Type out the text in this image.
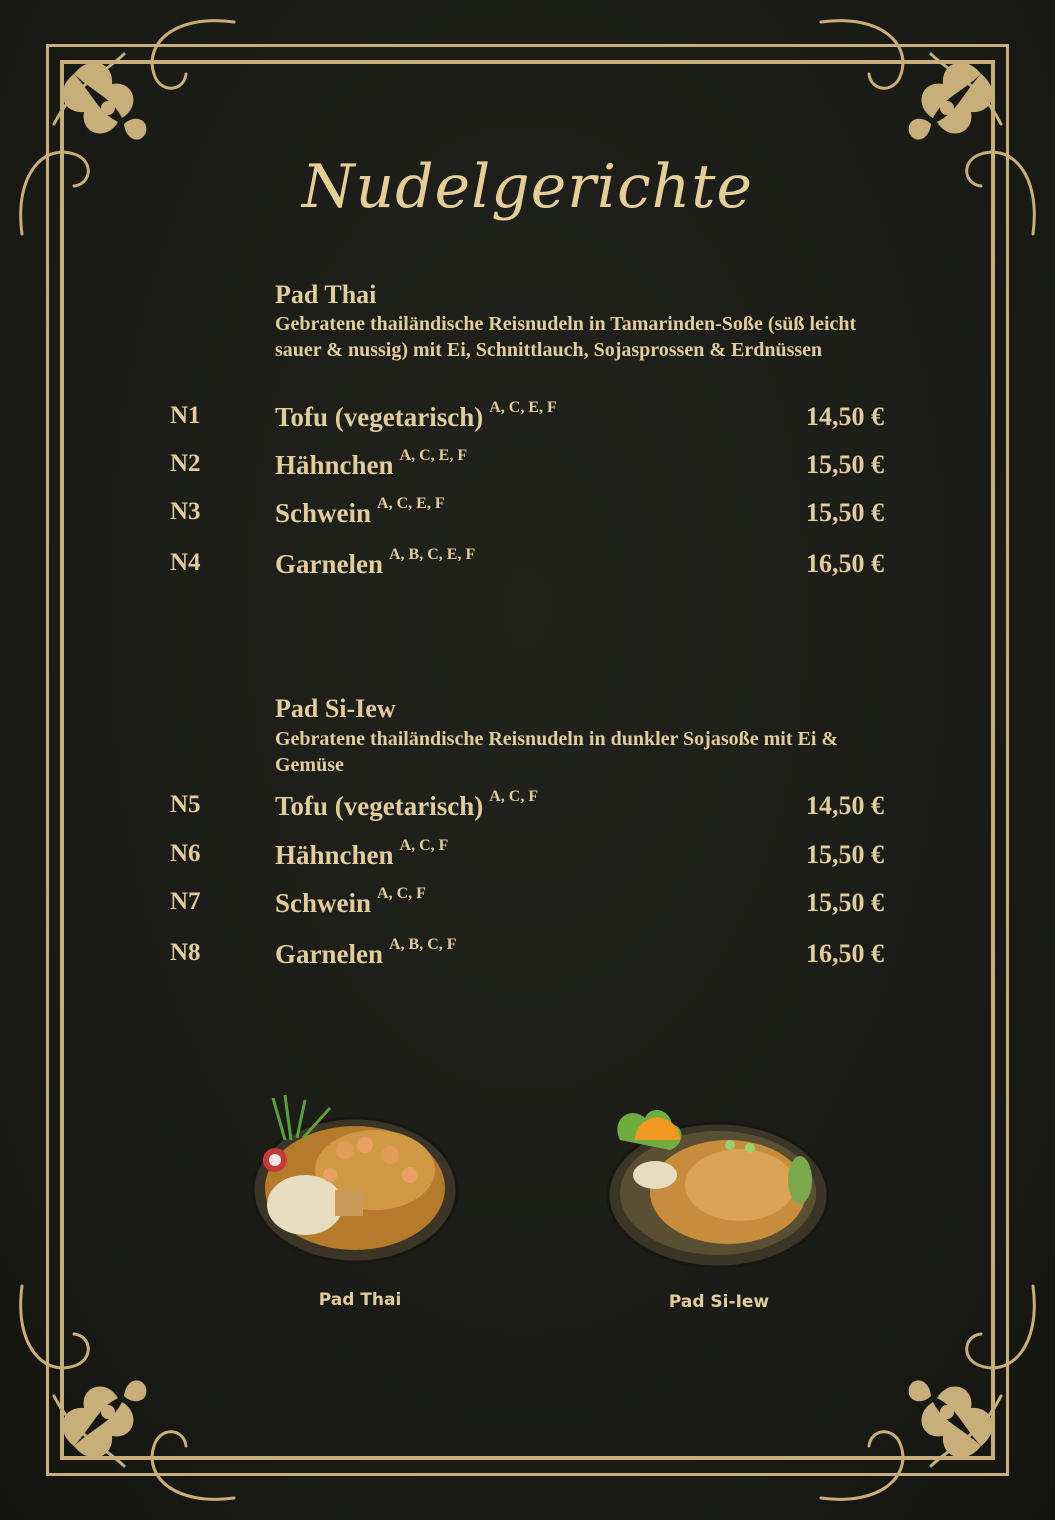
Nudelgerichte
Pad Thai
Gebratene thailändische Reisnudeln in Tamarinden-Soße (süß leicht sauer & nussig) mit Ei, Schnittlauch, Sojasprossen & Erdnüssen
N1	Tofu (vegetarisch) $^{A, C, E, F}$	14,50 €
N2	Hähnchen $^{A, C, E, F}$	15,50 €
N3	Schwein $^{A, C, E, F}$	15,50 €
N4	Garnelen $^{A, B, C, E, F}$	16,50 €
Pad Si-Iew
Gebratene thailändische Reisnudeln in dunkler Sojasoße mit Ei & Gemüse
N5	Tofu (vegetarisch) $^{A, C, F}$	14,50 €
N6	Hähnchen $^{A, C, F}$	15,50 €
N7	Schwein $^{A, C, F}$	15,50 €
N8	Garnelen $^{A, B, C, F}$	16,50 €
Pad Thai	Pad Si-Iew
